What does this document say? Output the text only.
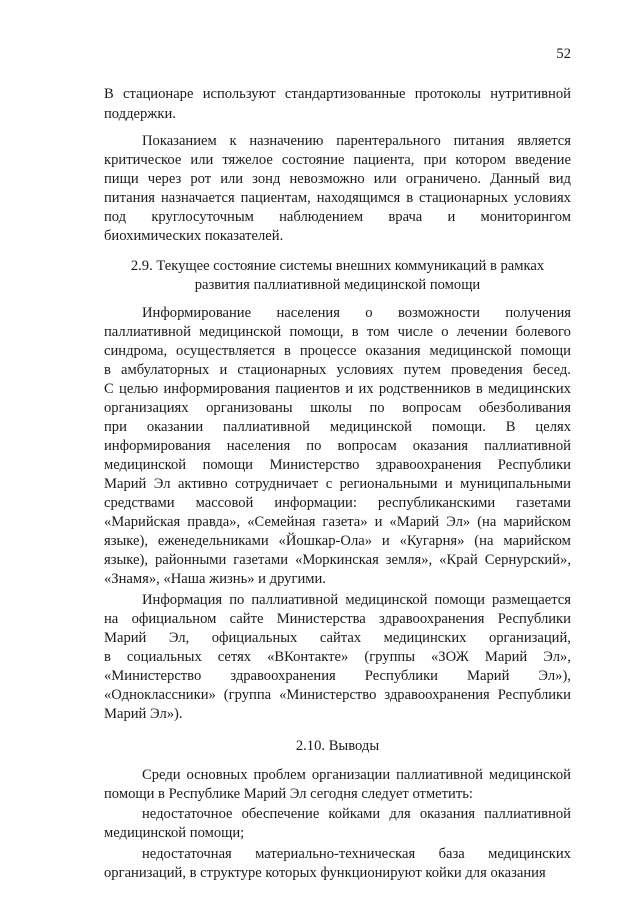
52
В стационаре используют стандартизованные протоколы нутритивной
поддержки.
Показанием к назначению парентерального питания является
критическое или тяжелое состояние пациента, при котором введение
пищи через рот или зонд невозможно или ограничено. Данный вид
питания назначается пациентам, находящимся в стационарных условиях
под круглосуточным наблюдением врача и мониторингом
биохимических показателей.
2.9. Текущее состояние системы внешних коммуникаций в рамках
развития паллиативной медицинской помощи
Информирование населения о возможности получения
паллиативной медицинской помощи, в том числе о лечении болевого
синдрома, осуществляется в процессе оказания медицинской помощи
в амбулаторных и стационарных условиях путем проведения бесед.
С целью информирования пациентов и их родственников в медицинских
организациях организованы школы по вопросам обезболивания
при оказании паллиативной медицинской помощи. В целях
информирования населения по вопросам оказания паллиативной
медицинской помощи Министерство здравоохранения Республики
Марий Эл активно сотрудничает с региональными и муниципальными
средствами массовой информации: республиканскими газетами
«Марийская правда», «Семейная газета» и «Марий Эл» (на марийском
языке), еженедельниками «Йошкар-Ола» и «Кугарня» (на марийском
языке), районными газетами «Моркинская земля», «Край Сернурский»,
«Знамя», «Наша жизнь» и другими.
Информация по паллиативной медицинской помощи размещается
на официальном сайте Министерства здравоохранения Республики
Марий Эл, официальных сайтах медицинских организаций,
в социальных сетях «ВКонтакте» (группы «ЗОЖ Марий Эл»,
«Министерство здравоохранения Республики Марий Эл»),
«Одноклассники» (группа «Министерство здравоохранения Республики
Марий Эл»).
2.10. Выводы
Среди основных проблем организации паллиативной медицинской
помощи в Республике Марий Эл сегодня следует отметить:
недостаточное обеспечение койками для оказания паллиативной
медицинской помощи;
недостаточная материально-техническая база медицинских
организаций, в структуре которых функционируют койки для оказания
